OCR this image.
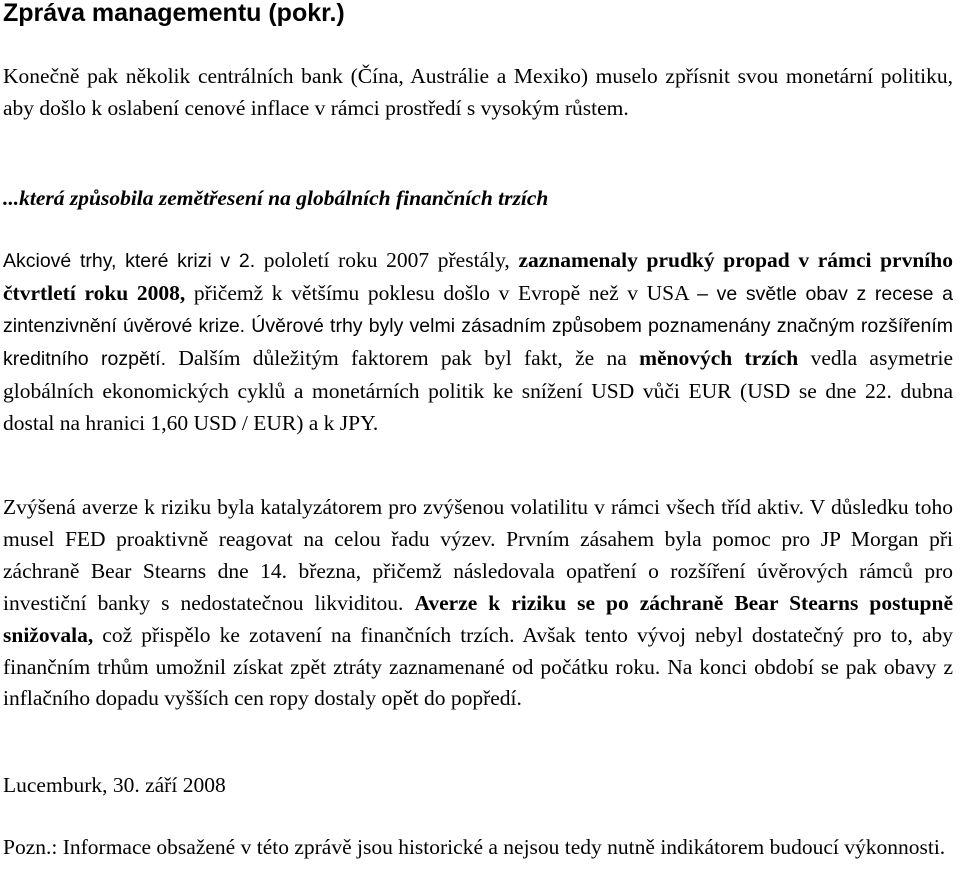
Zpráva managementu (pokr.)

Konečně pak několik centrálních bank (Čína, Austrálie a Mexiko) muselo zpřísnit svou monetární politiku, aby došlo k oslabení cenové inflace v rámci prostředí s vysokým růstem.

...která způsobila zemětřesení na globálních finančních trzích

Akciové trhy, které krizi v 2. pololetí roku 2007 přestály, zaznamenaly prudký propad v rámci prvního čtvrtletí roku 2008, přičemž k většímu poklesu došlo v Evropě než v USA – ve světle obav z recese a zintenzivnění úvěrové krize. Úvěrové trhy byly velmi zásadním způsobem poznamenány značným rozšířením kreditního rozpětí. Dalším důležitým faktorem pak byl fakt, že na měnových trzích vedla asymetrie globálních ekonomických cyklů a monetárních politik ke snížení USD vůči EUR (USD se dne 22. dubna dostal na hranici 1,60 USD / EUR) a k JPY.

Zvýšená averze k riziku byla katalyzátorem pro zvýšenou volatilitu v rámci všech tříd aktiv. V důsledku toho musel FED proaktivně reagovat na celou řadu výzev. Prvním zásahem byla pomoc pro JP Morgan při záchraně Bear Stearns dne 14. března, přičemž následovala opatření o rozšíření úvěrových rámců pro investiční banky s nedostatečnou likviditou. Averze k riziku se po záchraně Bear Stearns postupně snižovala, což přispělo ke zotavení na finančních trzích. Avšak tento vývoj nebyl dostatečný pro to, aby finančním trhům umožnil získat zpět ztráty zaznamenané od počátku roku. Na konci období se pak obavy z inflačního dopadu vyšších cen ropy dostaly opět do popředí.

Lucemburk, 30. září 2008

Pozn.: Informace obsažené v této zprávě jsou historické a nejsou tedy nutně indikátorem budoucí výkonnosti.
